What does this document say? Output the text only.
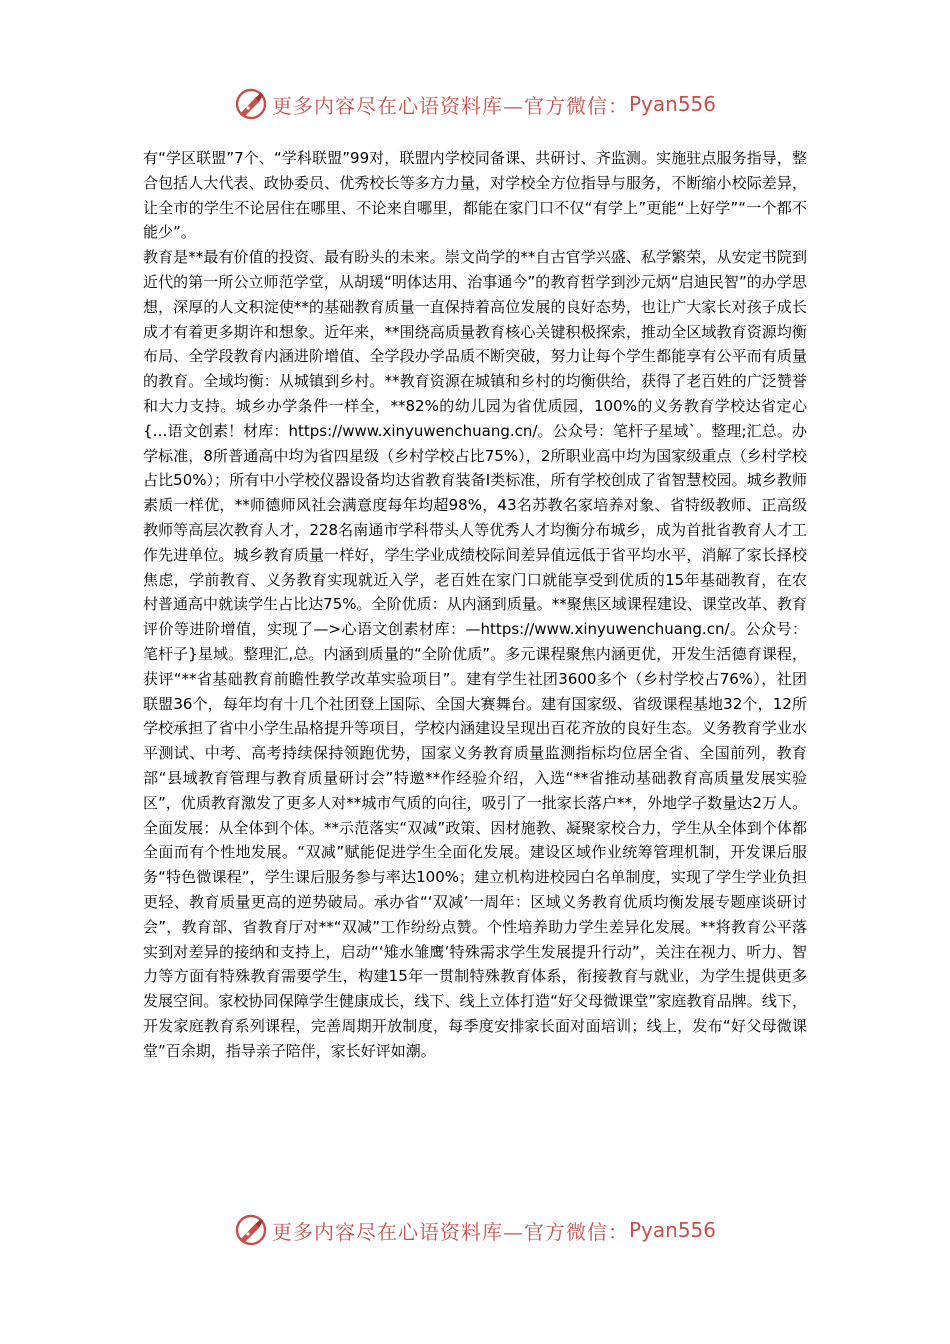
更多内容尽在心语资料库—官方微信： Pyan556

有“学区联盟”7个、“学科联盟”99对，联盟内学校同备课、共研讨、齐监测。实施驻点服务指导，整合包括人大代表、政协委员、优秀校长等多方力量，对学校全方位指导与服务，不断缩小校际差异，让全市的学生不论居住在哪里、不论来自哪里，都能在家门口不仅“有学上”更能“上好学”“一个都不能少”。

教育是**最有价值的投资、最有盼头的未来。崇文尚学的**自古官学兴盛、私学繁荣，从安定书院到近代的第一所公立师范学堂，从胡瑗“明体达用、治事通今”的教育哲学到沙元炳“启迪民智”的办学思想，深厚的人文积淀使**的基础教育质量一直保持着高位发展的良好态势，也让广大家长对孩子成长成才有着更多期许和想象。近年来，**围绕高质量教育核心关键积极探索，推动全区域教育资源均衡布局、全学段教育内涵进阶增值、全学段办学品质不断突破，努力让每个学生都能享有公平而有质量的教育。全域均衡：从城镇到乡村。**教育资源在城镇和乡村的均衡供给，获得了老百姓的广泛赞誉和大力支持。城乡办学条件一样全，**82%的幼儿园为省优质园，100%的义务教育学校达省定心{…语文创素！材库：https://www.xinyuwenchuang.cn/。公众号：笔杆子星域`。整理;汇总。办学标准，8所普通高中均为省四星级（乡村学校占比75%），2所职业高中均为国家级重点（乡村学校占比50%）；所有中小学校仪器设备均达省教育装备I类标准，所有学校创成了省智慧校园。城乡教师素质一样优，**师德师风社会满意度每年均超98%，43名苏教名家培养对象、省特级教师、正高级教师等高层次教育人才，228名南通市学科带头人等优秀人才均衡分布城乡，成为首批省教育人才工作先进单位。城乡教育质量一样好，学生学业成绩校际间差异值远低于省平均水平，消解了家长择校焦虑，学前教育、义务教育实现就近入学，老百姓在家门口就能享受到优质的15年基础教育，在农村普通高中就读学生占比达75%。全阶优质：从内涵到质量。**聚焦区域课程建设、课堂改革、教育评价等进阶增值，实现了—>心语文创素材库：—https://www.xinyuwenchuang.cn/。公众号：笔杆子}星域。整理汇,总。内涵到质量的“全阶优质”。多元课程聚焦内涵更优，开发生活德育课程，获评“**省基础教育前瞻性教学改革实验项目”。建有学生社团3600多个（乡村学校占76%），社团联盟36个，每年均有十几个社团登上国际、全国大赛舞台。建有国家级、省级课程基地32个，12所学校承担了省中小学生品格提升等项目，学校内涵建设呈现出百花齐放的良好生态。义务教育学业水平测试、中考、高考持续保持领跑优势，国家义务教育质量监测指标均位居全省、全国前列，教育部“县域教育管理与教育质量研讨会”特邀**作经验介绍，入选“**省推动基础教育高质量发展实验区”，优质教育激发了更多人对**城市气质的向往，吸引了一批家长落户**，外地学子数量达2万人。全面发展：从全体到个体。**示范落实“双减”政策、因材施教、凝聚家校合力，学生从全体到个体都全面而有个性地发展。“双减”赋能促进学生全面化发展。建设区域作业统筹管理机制，开发课后服务“特色微课程”，学生课后服务参与率达100%；建立机构进校园白名单制度，实现了学生学业负担更轻、教育质量更高的逆势破局。承办省“‘双减’一周年：区域义务教育优质均衡发展专题座谈研讨会”，教育部、省教育厅对**“双减”工作纷纷点赞。个性培养助力学生差异化发展。**将教育公平落实到对差异的接纳和支持上，启动“‘雉水雏鹰’特殊需求学生发展提升行动”，关注在视力、听力、智力等方面有特殊教育需要学生，构建15年一贯制特殊教育体系，衔接教育与就业，为学生提供更多发展空间。家校协同保障学生健康成长，线下、线上立体打造“好父母微课堂”家庭教育品牌。线下，开发家庭教育系列课程，完善周期开放制度，每季度安排家长面对面培训；线上，发布“好父母微课堂”百余期，指导亲子陪伴，家长好评如潮。

更多内容尽在心语资料库—官方微信： Pyan556
